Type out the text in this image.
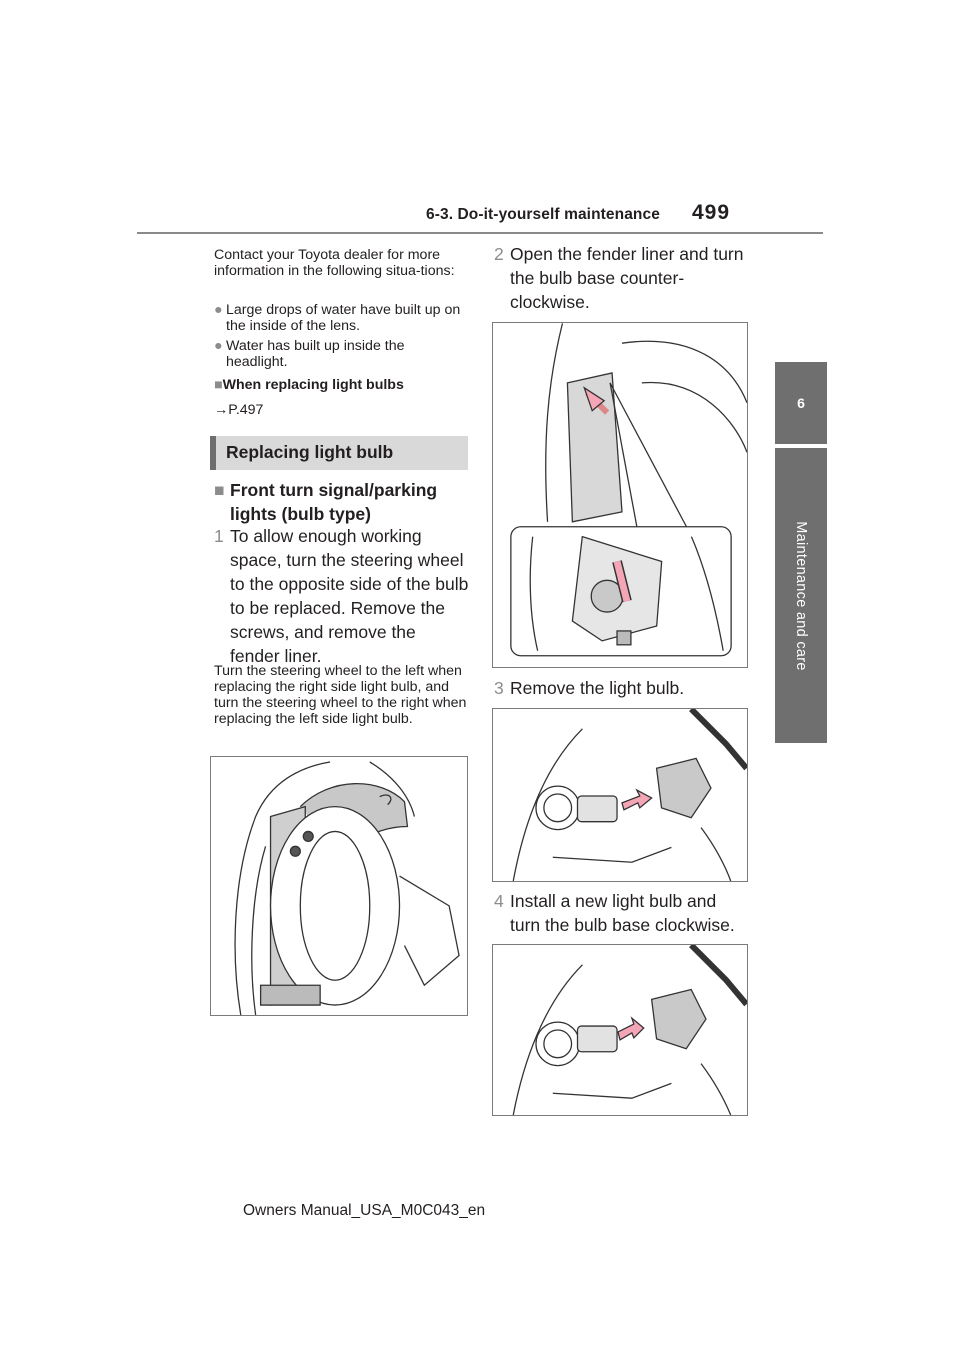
6-3. Do-it-yourself maintenance 499
6
Maintenance and care
Contact your Toyota dealer for more information in the following situa-tions:
● Large drops of water have built up on the inside of the lens.
● Water has built up inside the headlight.
■When replacing light bulbs
→P.497
Replacing light bulb
■ Front turn signal/parking lights (bulb type)
1 To allow enough working space, turn the steering wheel to the opposite side of the bulb to be replaced. Remove the screws, and remove the fender liner.
Turn the steering wheel to the left when replacing the right side light bulb, and turn the steering wheel to the right when replacing the left side light bulb.
2 Open the fender liner and turn the bulb base counter-clockwise.
3 Remove the light bulb.
4 Install a new light bulb and turn the bulb base clockwise.
Owners Manual_USA_M0C043_en
